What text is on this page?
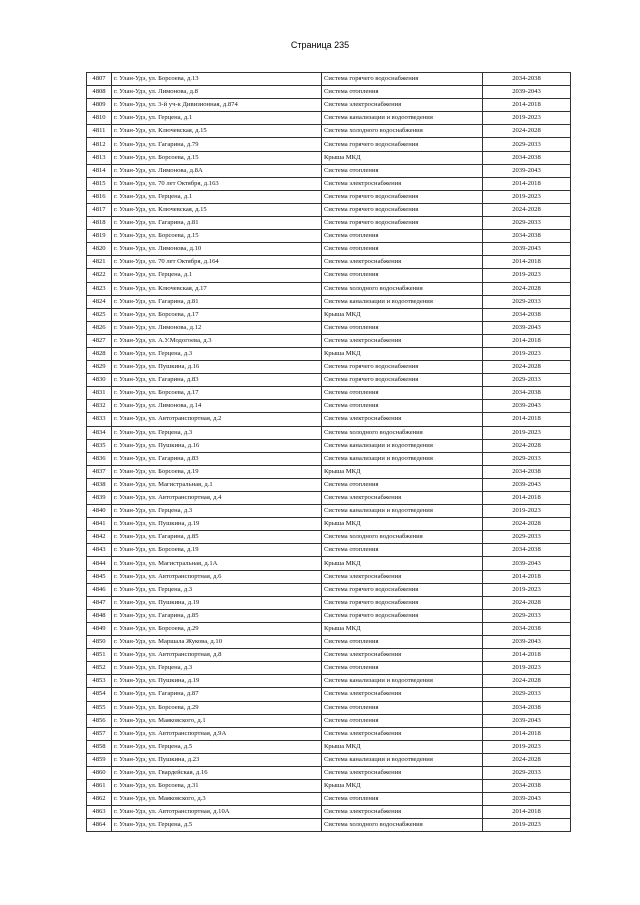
Страница 235
4807	г. Улан-Удэ, ул. Борсоева, д.13	Система горячего водоснабжения	2034-2038
4808	г. Улан-Удэ, ул. Лимонова, д.8	Система отопления	2039-2043
4809	г. Улан-Удэ, ул. 3-й уч-к Дивизионная, д.874	Система электроснабжения	2014-2018
4810	г. Улан-Удэ, ул. Герцена, д.1	Система канализации и водоотведения	2019-2023
4811	г. Улан-Удэ, ул. Ключевская, д.15	Система холодного водоснабжения	2024-2028
4812	г. Улан-Удэ, ул. Гагарина, д.79	Система горячего водоснабжения	2029-2033
4813	г. Улан-Удэ, ул. Борсоева, д.15	Крыша МКД	2034-2038
4814	г. Улан-Удэ, ул. Лимонова, д.8А	Система отопления	2039-2043
4815	г. Улан-Удэ, ул. 70 лет Октября, д.163	Система электроснабжения	2014-2018
4816	г. Улан-Удэ, ул. Герцена, д.1	Система горячего водоснабжения	2019-2023
4817	г. Улан-Удэ, ул. Ключевская, д.15	Система горячего водоснабжения	2024-2028
4818	г. Улан-Удэ, ул. Гагарина, д.81	Система горячего водоснабжения	2029-2033
4819	г. Улан-Удэ, ул. Борсоева, д.15	Система отопления	2034-2038
4820	г. Улан-Удэ, ул. Лимонова, д.10	Система отопления	2039-2043
4821	г. Улан-Удэ, ул. 70 лет Октября, д.164	Система электроснабжения	2014-2018
4822	г. Улан-Удэ, ул. Герцена, д.1	Система отопления	2019-2023
4823	г. Улан-Удэ, ул. Ключевская, д.17	Система холодного водоснабжения	2024-2028
4824	г. Улан-Удэ, ул. Гагарина, д.81	Система канализации и водоотведения	2029-2033
4825	г. Улан-Удэ, ул. Борсоева, д.17	Крыша МКД	2034-2038
4826	г. Улан-Удэ, ул. Лимонова, д.12	Система отопления	2039-2043
4827	г. Улан-Удэ, ул. А.У.Модогоева, д.3	Система электроснабжения	2014-2018
4828	г. Улан-Удэ, ул. Герцена, д.3	Крыша МКД	2019-2023
4829	г. Улан-Удэ, ул. Пушкина, д.16	Система горячего водоснабжения	2024-2028
4830	г. Улан-Удэ, ул. Гагарина, д.83	Система горячего водоснабжения	2029-2033
4831	г. Улан-Удэ, ул. Борсоева, д.17	Система отопления	2034-2038
4832	г. Улан-Удэ, ул. Лимонова, д.14	Система отопления	2039-2043
4833	г. Улан-Удэ, ул. Автотранспортная, д.2	Система электроснабжения	2014-2018
4834	г. Улан-Удэ, ул. Герцена, д.3	Система холодного водоснабжения	2019-2023
4835	г. Улан-Удэ, ул. Пушкина, д.16	Система канализации и водоотведения	2024-2028
4836	г. Улан-Удэ, ул. Гагарина, д.83	Система канализации и водоотведения	2029-2033
4837	г. Улан-Удэ, ул. Борсоева, д.19	Крыша МКД	2034-2038
4838	г. Улан-Удэ, ул. Магистральная, д.1	Система отопления	2039-2043
4839	г. Улан-Удэ, ул. Автотранспортная, д.4	Система электроснабжения	2014-2018
4840	г. Улан-Удэ, ул. Герцена, д.3	Система канализации и водоотведения	2019-2023
4841	г. Улан-Удэ, ул. Пушкина, д.19	Крыша МКД	2024-2028
4842	г. Улан-Удэ, ул. Гагарина, д.85	Система холодного водоснабжения	2029-2033
4843	г. Улан-Удэ, ул. Борсоева, д.19	Система отопления	2034-2038
4844	г. Улан-Удэ, ул. Магистральная, д.1А	Крыша МКД	2039-2043
4845	г. Улан-Удэ, ул. Автотранспортная, д.6	Система электроснабжения	2014-2018
4846	г. Улан-Удэ, ул. Герцена, д.3	Система горячего водоснабжения	2019-2023
4847	г. Улан-Удэ, ул. Пушкина, д.19	Система горячего водоснабжения	2024-2028
4848	г. Улан-Удэ, ул. Гагарина, д.85	Система горячего водоснабжения	2029-2033
4849	г. Улан-Удэ, ул. Борсоева, д.29	Крыша МКД	2034-2038
4850	г. Улан-Удэ, ул. Маршала Жукова, д.10	Система отопления	2039-2043
4851	г. Улан-Удэ, ул. Автотранспортная, д.8	Система электроснабжения	2014-2018
4852	г. Улан-Удэ, ул. Герцена, д.3	Система отопления	2019-2023
4853	г. Улан-Удэ, ул. Пушкина, д.19	Система канализации и водоотведения	2024-2028
4854	г. Улан-Удэ, ул. Гагарина, д.87	Система электроснабжения	2029-2033
4855	г. Улан-Удэ, ул. Борсоева, д.29	Система отопления	2034-2038
4856	г. Улан-Удэ, ул. Маяковского, д.1	Система отопления	2039-2043
4857	г. Улан-Удэ, ул. Автотранспортная, д.9А	Система электроснабжения	2014-2018
4858	г. Улан-Удэ, ул. Герцена, д.5	Крыша МКД	2019-2023
4859	г. Улан-Удэ, ул. Пушкина, д.23	Система канализации и водоотведения	2024-2028
4860	г. Улан-Удэ, ул. Гвардейская, д.16	Система электроснабжения	2029-2033
4861	г. Улан-Удэ, ул. Борсоева, д.31	Крыша МКД	2034-2038
4862	г. Улан-Удэ, ул. Маяковского, д.3	Система отопления	2039-2043
4863	г. Улан-Удэ, ул. Автотранспортная, д.10А	Система электроснабжения	2014-2018
4864	г. Улан-Удэ, ул. Герцена, д.5	Система холодного водоснабжения	2019-2023
